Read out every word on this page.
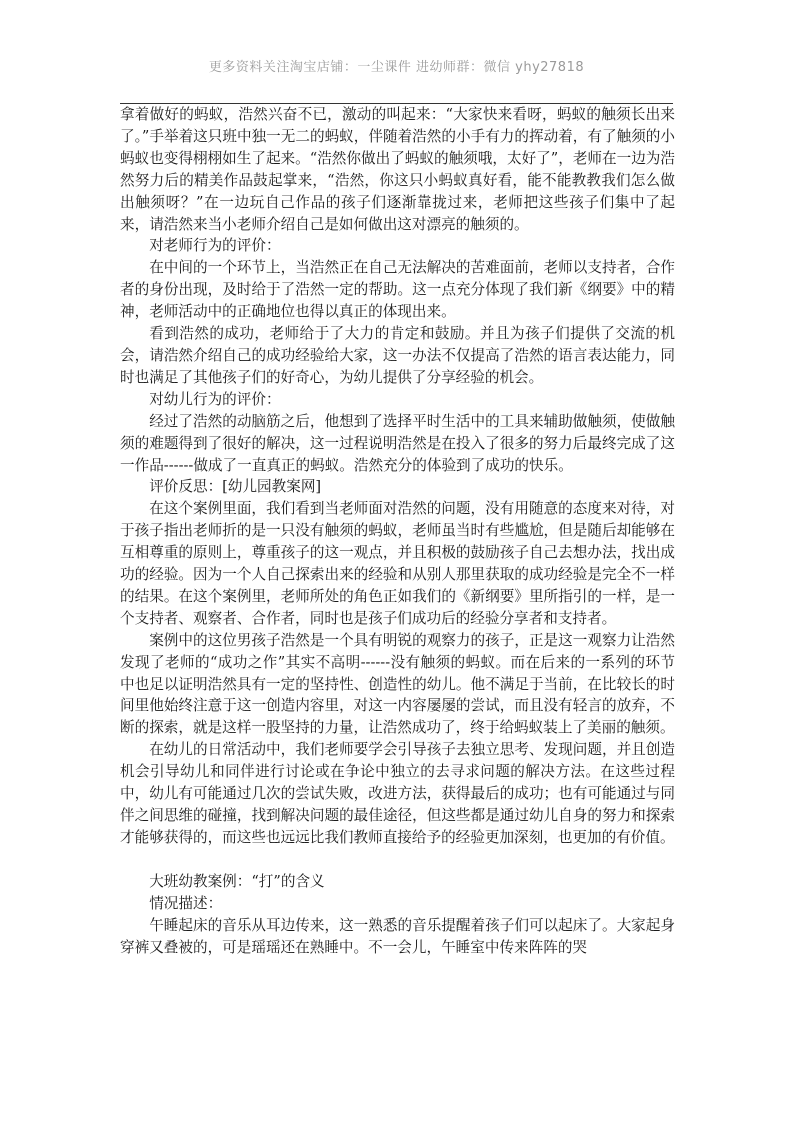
更多资料关注淘宝店铺：一尘课件 进幼师群：微信 yhy27818

拿着做好的蚂蚁，浩然兴奋不已，激动的叫起来：“大家快来看呀，蚂蚁的触须长出来了。”手举着这只班中独一无二的蚂蚁，伴随着浩然的小手有力的挥动着，有了触须的小蚂蚁也变得栩栩如生了起来。“浩然你做出了蚂蚁的触须哦，太好了”，老师在一边为浩然努力后的精美作品鼓起掌来，“浩然，你这只小蚂蚁真好看，能不能教教我们怎么做出触须呀？”在一边玩自己作品的孩子们逐渐靠拢过来，老师把这些孩子们集中了起来，请浩然来当小老师介绍自己是如何做出这对漂亮的触须的。

对老师行为的评价：

在中间的一个环节上，当浩然正在自己无法解决的苦难面前，老师以支持者，合作者的身份出现，及时给于了浩然一定的帮助。这一点充分体现了我们新《纲要》中的精神，老师活动中的正确地位也得以真正的体现出来。

看到浩然的成功，老师给于了大力的肯定和鼓励。并且为孩子们提供了交流的机会，请浩然介绍自己的成功经验给大家，这一办法不仅提高了浩然的语言表达能力，同时也满足了其他孩子们的好奇心，为幼儿提供了分享经验的机会。

对幼儿行为的评价：

经过了浩然的动脑筋之后，他想到了选择平时生活中的工具来辅助做触须，使做触须的难题得到了很好的解决，这一过程说明浩然是在投入了很多的努力后最终完成了这一作品------做成了一直真正的蚂蚁。浩然充分的体验到了成功的快乐。

评价反思：[幼儿园教案网]

在这个案例里面，我们看到当老师面对浩然的问题，没有用随意的态度来对待，对于孩子指出老师折的是一只没有触须的蚂蚁，老师虽当时有些尴尬，但是随后却能够在互相尊重的原则上，尊重孩子的这一观点，并且积极的鼓励孩子自己去想办法，找出成功的经验。因为一个人自己探索出来的经验和从别人那里获取的成功经验是完全不一样的结果。在这个案例里，老师所处的角色正如我们的《新纲要》里所指引的一样，是一个支持者、观察者、合作者，同时也是孩子们成功后的经验分享者和支持者。

案例中的这位男孩子浩然是一个具有明锐的观察力的孩子，正是这一观察力让浩然发现了老师的“成功之作”其实不高明------没有触须的蚂蚁。而在后来的一系列的环节中也足以证明浩然具有一定的坚持性、创造性的幼儿。他不满足于当前，在比较长的时间里他始终注意于这一创造内容里，对这一内容屡屡的尝试，而且没有轻言的放弃，不断的探索，就是这样一股坚持的力量，让浩然成功了，终于给蚂蚁装上了美丽的触须。

在幼儿的日常活动中，我们老师要学会引导孩子去独立思考、发现问题，并且创造机会引导幼儿和同伴进行讨论或在争论中独立的去寻求问题的解决方法。在这些过程中，幼儿有可能通过几次的尝试失败，改进方法，获得最后的成功；也有可能通过与同伴之间思维的碰撞，找到解决问题的最佳途径，但这些都是通过幼儿自身的努力和探索才能够获得的，而这些也远远比我们教师直接给予的经验更加深刻，也更加的有价值。

大班幼教案例：“打”的含义

情况描述：

午睡起床的音乐从耳边传来，这一熟悉的音乐提醒着孩子们可以起床了。大家起身穿裤又叠被的，可是瑶瑶还在熟睡中。不一会儿，午睡室中传来阵阵的哭
